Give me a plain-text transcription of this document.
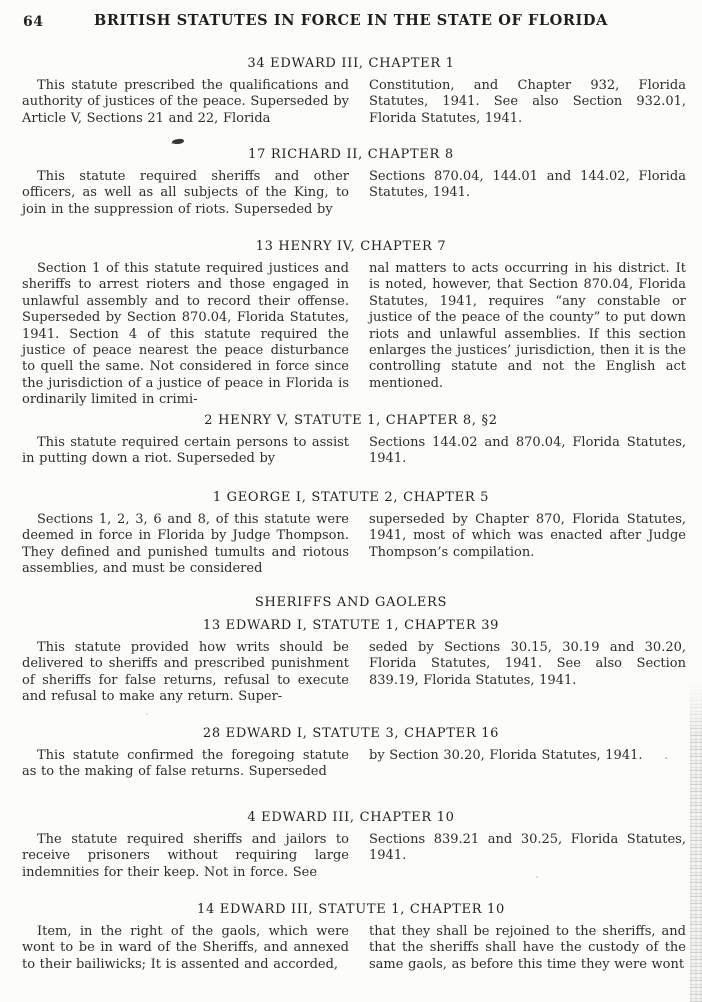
64	BRITISH STATUTES IN FORCE IN THE STATE OF FLORIDA
34 EDWARD III, CHAPTER 1

This statute prescribed the qualifications and authority of justices of the peace. Superseded by Article V, Sections 21 and 22, Florida

Constitution, and Chapter 932, Florida Statutes, 1941. See also Section 932.01, Florida Statutes, 1941.

17 RICHARD II, CHAPTER 8

This statute required sheriffs and other officers, as well as all subjects of the King, to join in the suppression of riots. Superseded by

Sections 870.04, 144.01 and 144.02, Florida Statutes, 1941.

13 HENRY IV, CHAPTER 7

Section 1 of this statute required justices and sheriffs to arrest rioters and those engaged in unlawful assembly and to record their offense. Superseded by Section 870.04, Florida Statutes, 1941. Section 4 of this statute required the justice of peace nearest the peace disturbance to quell the same. Not considered in force since the jurisdiction of a justice of peace in Florida is ordinarily limited in crimi-

nal matters to acts occurring in his district. It is noted, however, that Section 870.04, Florida Statutes, 1941, requires “any constable or justice of the peace of the county” to put down riots and unlawful assemblies. If this section enlarges the justices’ jurisdiction, then it is the controlling statute and not the English act mentioned.

2 HENRY V, STATUTE 1, CHAPTER 8, §2

This statute required certain persons to assist in putting down a riot. Superseded by

Sections 144.02 and 870.04, Florida Statutes, 1941.

1 GEORGE I, STATUTE 2, CHAPTER 5

Sections 1, 2, 3, 6 and 8, of this statute were deemed in force in Florida by Judge Thompson. They defined and punished tumults and riotous assemblies, and must be considered

superseded by Chapter 870, Florida Statutes, 1941, most of which was enacted after Judge Thompson’s compilation.

SHERIFFS AND GAOLERS
13 EDWARD I, STATUTE 1, CHAPTER 39

This statute provided how writs should be delivered to sheriffs and prescribed punishment of sheriffs for false returns, refusal to execute and refusal to make any return. Super-

seded by Sections 30.15, 30.19 and 30.20, Florida Statutes, 1941. See also Section 839.19, Florida Statutes, 1941.

28 EDWARD I, STATUTE 3, CHAPTER 16

This statute confirmed the foregoing statute as to the making of false returns. Superseded

by Section 30.20, Florida Statutes, 1941.

4 EDWARD III, CHAPTER 10

The statute required sheriffs and jailors to receive prisoners without requiring large indemnities for their keep. Not in force. See

Sections 839.21 and 30.25, Florida Statutes, 1941.

14 EDWARD III, STATUTE 1, CHAPTER 10

Item, in the right of the gaols, which were wont to be in ward of the Sheriffs, and annexed to their bailiwicks; It is assented and accorded,

that they shall be rejoined to the sheriffs, and that the sheriffs shall have the custody of the same gaols, as before this time they were wont
